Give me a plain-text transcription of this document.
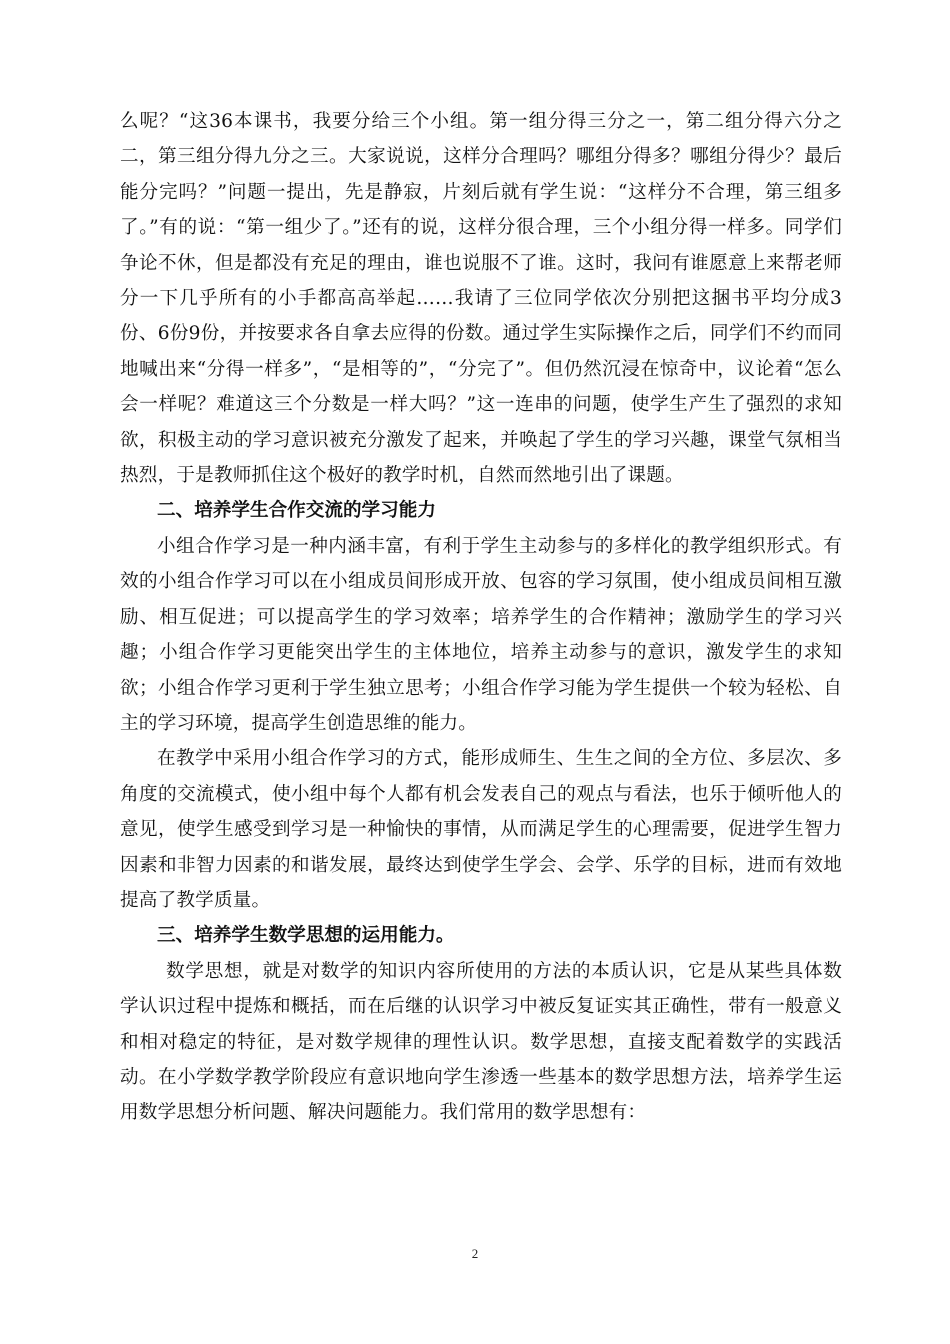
么呢？“这36本课书，我要分给三个小组。第一组分得三分之一，第二组分得六分之二，第三组分得九分之三。大家说说，这样分合理吗？哪组分得多？哪组分得少？最后能分完吗？”问题一提出，先是静寂，片刻后就有学生说：“这样分不合理，第三组多了。”有的说：“第一组少了。”还有的说，这样分很合理，三个小组分得一样多。同学们争论不休，但是都没有充足的理由，谁也说服不了谁。这时，我问有谁愿意上来帮老师分一下几乎所有的小手都高高举起……我请了三位同学依次分别把这捆书平均分成3份、6份9份，并按要求各自拿去应得的份数。通过学生实际操作之后，同学们不约而同地喊出来“分得一样多”，“是相等的”，“分完了”。但仍然沉浸在惊奇中，议论着“怎么会一样呢？难道这三个分数是一样大吗？”这一连串的问题，使学生产生了强烈的求知欲，积极主动的学习意识被充分激发了起来，并唤起了学生的学习兴趣，课堂气氛相当热烈，于是教师抓住这个极好的教学时机，自然而然地引出了课题。

二、培养学生合作交流的学习能力

小组合作学习是一种内涵丰富，有利于学生主动参与的多样化的教学组织形式。有效的小组合作学习可以在小组成员间形成开放、包容的学习氛围，使小组成员间相互激励、相互促进；可以提高学生的学习效率；培养学生的合作精神；激励学生的学习兴趣；小组合作学习更能突出学生的主体地位，培养主动参与的意识，激发学生的求知欲；小组合作学习更利于学生独立思考；小组合作学习能为学生提供一个较为轻松、自主的学习环境，提高学生创造思维的能力。

在教学中采用小组合作学习的方式，能形成师生、生生之间的全方位、多层次、多角度的交流模式，使小组中每个人都有机会发表自己的观点与看法，也乐于倾听他人的意见，使学生感受到学习是一种愉快的事情，从而满足学生的心理需要，促进学生智力因素和非智力因素的和谐发展，最终达到使学生学会、会学、乐学的目标，进而有效地提高了教学质量。

三、培养学生数学思想的运用能力。

数学思想，就是对数学的知识内容所使用的方法的本质认识，它是从某些具体数学认识过程中提炼和概括，而在后继的认识学习中被反复证实其正确性，带有一般意义和相对稳定的特征，是对数学规律的理性认识。数学思想，直接支配着数学的实践活动。在小学数学教学阶段应有意识地向学生渗透一些基本的数学思想方法，培养学生运用数学思想分析问题、解决问题能力。我们常用的数学思想有：

2
